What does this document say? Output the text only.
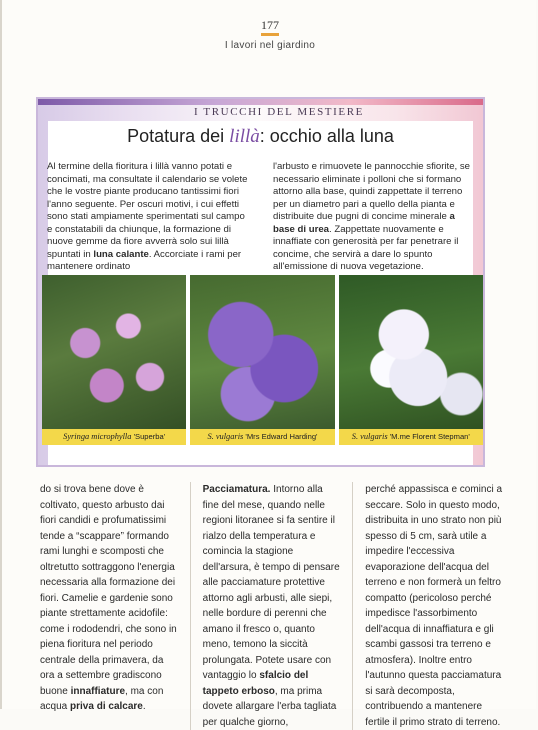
177
I lavori nel giardino
I TRUCCHI DEL MESTIERE
Potatura dei lillà: occhio alla luna
Al termine della fioritura i lillà vanno potati e concimati, ma consultate il calendario se volete che le vostre piante producano tantissimi fiori l'anno seguente. Per oscuri motivi, i cui effetti sono stati ampiamente sperimentati sul campo e constatabili da chiunque, la formazione di nuove gemme da fiore avverrà solo sui lillà spuntati in luna calante. Accorciate i rami per mantenere ordinato
l'arbusto e rimuovete le pannocchie sfiorite, se necessario eliminate i polloni che si formano attorno alla base, quindi zappettate il terreno per un diametro pari a quello della pianta e distribuite due pugni di concime minerale a base di urea. Zappettate nuovamente e innaffiate con generosità per far penetrare il concime, che servirà a dare lo spunto all'emissione di nuova vegetazione.
Syringa microphylla 'Superba'	S. vulgaris 'Mrs Edward Harding'	S. vulgaris 'M.me Florent Stepman'
do si trova bene dove è coltivato, questo arbusto dai fiori candidi e profumatissimi tende a “scappare” formando rami lunghi e scomposti che oltretutto sottraggono l'energia necessaria alla formazione dei fiori. Camelie e gardenie sono piante strettamente acidofile: come i rododendri, che sono in piena fioritura nel periodo centrale della primavera, da ora a settembre gradiscono buone innaffiature, ma con acqua priva di calcare.
Pacciamatura. Intorno alla fine del mese, quando nelle regioni litoranee si fa sentire il rialzo della temperatura e comincia la stagione dell'arsura, è tempo di pensare alle pacciamature protettive attorno agli arbusti, alle siepi, nelle bordure di perenni che amano il fresco o, quanto meno, temono la siccità prolungata. Potete usare con vantaggio lo sfalcio del tappeto erboso, ma prima dovete allargare l'erba tagliata per qualche giorno,
perché appassisca e cominci a seccare. Solo in questo modo, distribuita in uno strato non più spesso di 5 cm, sarà utile a impedire l'eccessiva evaporazione dell'acqua del terreno e non formerà un feltro compatto (pericoloso perché impedisce l'assorbimento dell'acqua di innaffiatura e gli scambi gassosi tra terreno e atmosfera). Inoltre entro l'autunno questa pacciamatura si sarà decomposta, contribuendo a mantenere fertile il primo strato di terreno.
